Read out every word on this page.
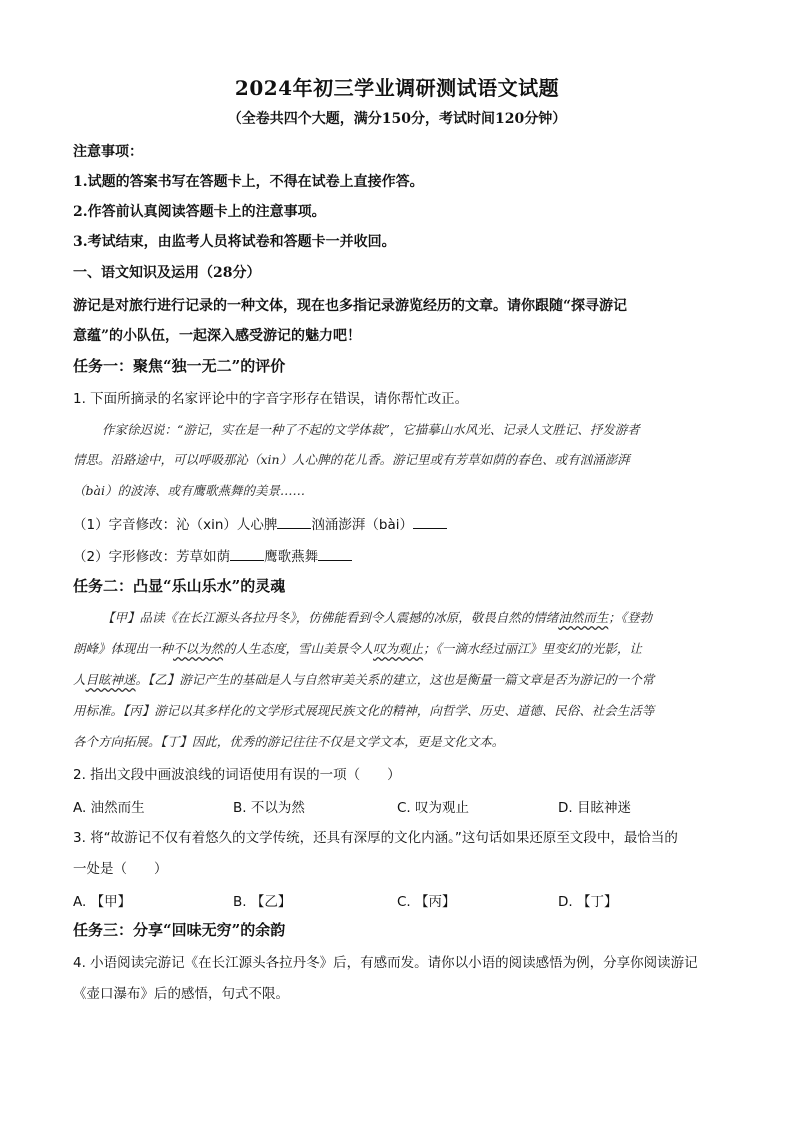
2024年初三学业调研测试语文试题
（全卷共四个大题，满分150分，考试时间120分钟）
注意事项：
1.试题的答案书写在答题卡上，不得在试卷上直接作答。
2.作答前认真阅读答题卡上的注意事项。
3.考试结束，由监考人员将试卷和答题卡一并收回。
一、语文知识及运用（28分）
游记是对旅行进行记录的一种文体，现在也多指记录游览经历的文章。请你跟随“探寻游记
意蕴”的小队伍，一起深入感受游记的魅力吧！
任务一：聚焦“独一无二”的评价
1. 下面所摘录的名家评论中的字音字形存在错误，请你帮忙改正。
作家徐迟说：“游记，实在是一种了不起的文学体裁”，它描摹山水风光、记录人文胜记、抒发游者
情思。沿路途中，可以呼吸那沁（xin）人心脾的花儿香。游记里或有芳草如荫的春色、或有汹涌澎湃
（bài）的波涛、或有鹰歌燕舞的美景……
（1）字音修改：沁（xin）人心脾	汹涌澎湃（bài）
（2）字形修改：芳草如荫	鹰歌燕舞
任务二：凸显“乐山乐水”的灵魂
【甲】品读《在长江源头各拉丹冬》，仿佛能看到令人震撼的冰原，敬畏自然的情绪油然而生；《登勃
朗峰》体现出一种不以为然的人生态度，雪山美景令人叹为观止；《一滴水经过丽江》里变幻的光影，让
人目眩神迷。【乙】游记产生的基础是人与自然审美关系的建立，这也是衡量一篇文章是否为游记的一个常
用标准。【丙】游记以其多样化的文学形式展现民族文化的精神，向哲学、历史、道德、民俗、社会生活等
各个方向拓展。【丁】因此，优秀的游记往往不仅是文学文本，更是文化文本。
2. 指出文段中画波浪线的词语使用有误的一项（　　）
A. 油然而生	B. 不以为然	C. 叹为观止	D. 目眩神迷
3. 将“故游记不仅有着悠久的文学传统，还具有深厚的文化内涵。”这句话如果还原至文段中，最恰当的
一处是（　　）
A. 【甲】	B. 【乙】	C. 【丙】	D. 【丁】
任务三：分享“回味无穷”的余韵
4. 小语阅读完游记《在长江源头各拉丹冬》后，有感而发。请你以小语的阅读感悟为例，分享你阅读游记
《壶口瀑布》后的感悟，句式不限。
